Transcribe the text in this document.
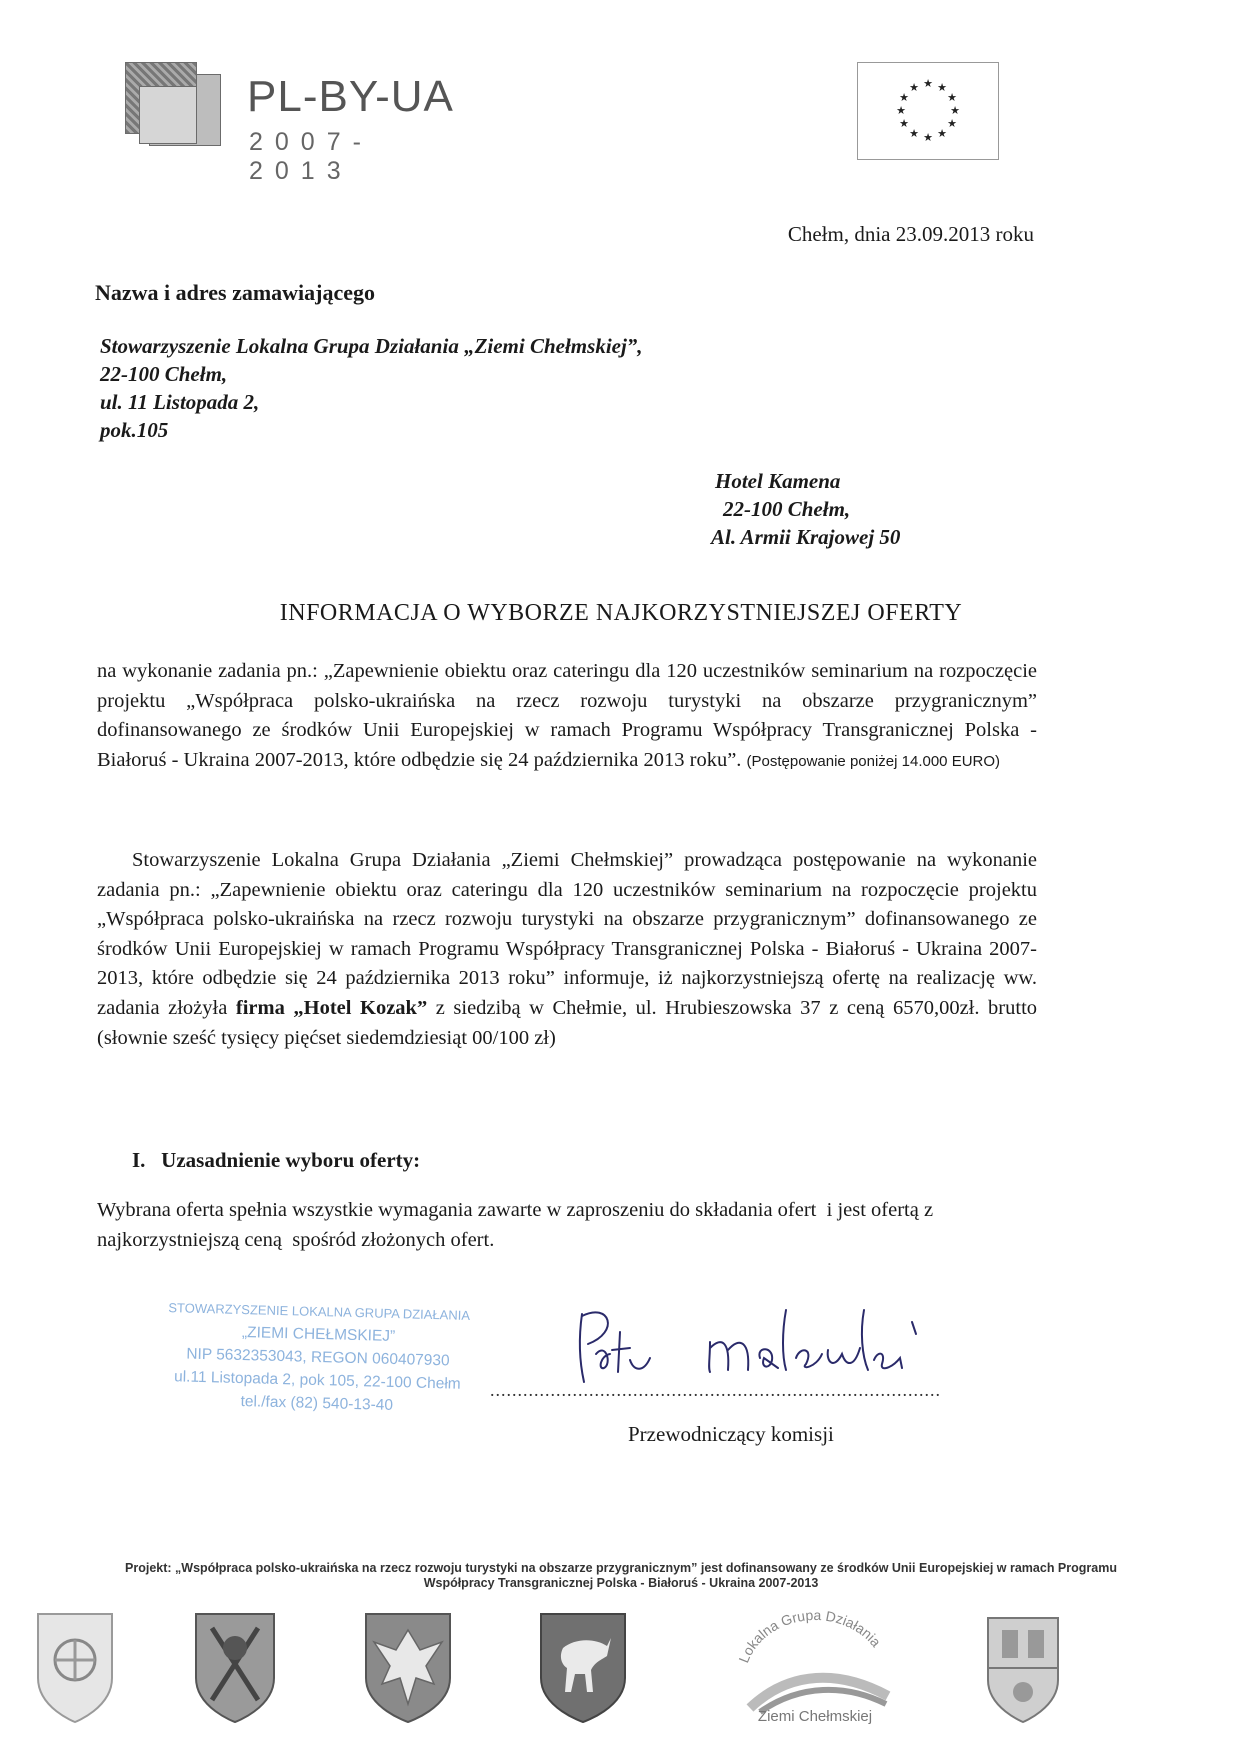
PL-BY-UA
2007-2013
★ ★
★
★
★
★
★
★
★
★
★
★
Chełm, dnia 23.09.2013 roku
Nazwa i adres zamawiającego
Stowarzyszenie Lokalna Grupa Działania „Ziemi Chełmskiej”,
22-100 Chełm,
ul. 11 Listopada 2,
pok.105
Hotel Kamena
22-100 Chełm,
Al. Armii Krajowej 50
INFORMACJA O WYBORZE NAJKORZYSTNIEJSZEJ OFERTY
na wykonanie zadania pn.: „Zapewnienie obiektu oraz cateringu dla 120 uczestników seminarium na rozpoczęcie projektu „Współpraca polsko-ukraińska na rzecz rozwoju turystyki na obszarze przygranicznym” dofinansowanego ze środków Unii Europejskiej w ramach Programu Współpracy Transgranicznej Polska - Białoruś - Ukraina 2007-2013, które odbędzie się 24 października 2013 roku”. (Postępowanie poniżej 14.000 EURO)
Stowarzyszenie Lokalna Grupa Działania „Ziemi Chełmskiej” prowadząca postępowanie na wykonanie zadania pn.: „Zapewnienie obiektu oraz cateringu dla 120 uczestników seminarium na rozpoczęcie projektu „Współpraca polsko-ukraińska na rzecz rozwoju turystyki na obszarze przygranicznym” dofinansowanego ze środków Unii Europejskiej w ramach Programu Współpracy Transgranicznej Polska - Białoruś - Ukraina 2007-2013, które odbędzie się 24 października 2013 roku” informuje, iż najkorzystniejszą ofertę na realizację ww. zadania złożyła firma „Hotel Kozak” z siedzibą w Chełmie, ul. Hrubieszowska 37 z ceną 6570,00zł. brutto (słownie sześć tysięcy pięćset siedemdziesiąt 00/100 zł)
I.   Uzasadnienie wyboru oferty:
Wybrana oferta spełnia wszystkie wymagania zawarte w zaproszeniu do składania ofert  i jest ofertą z najkorzystniejszą ceną  spośród złożonych ofert.
STOWARZYSZENIE LOKALNA GRUPA DZIAŁANIA
„ZIEMI CHEŁMSKIEJ”
NIP 5632353043, REGON 060407930
ul.11 Listopada 2, pok 105, 22-100 Chełm
tel./fax (82) 540-13-40
..................................................................................
Przewodniczący komisji
Projekt: „Współpraca polsko-ukraińska na rzecz rozwoju turystyki na obszarze przygranicznym” jest dofinansowany ze środków Unii Europejskiej w ramach Programu Współpracy Transgranicznej Polska - Białoruś - Ukraina 2007-2013
Lokalna Grupa Działania
Ziemi Chełmskiej
